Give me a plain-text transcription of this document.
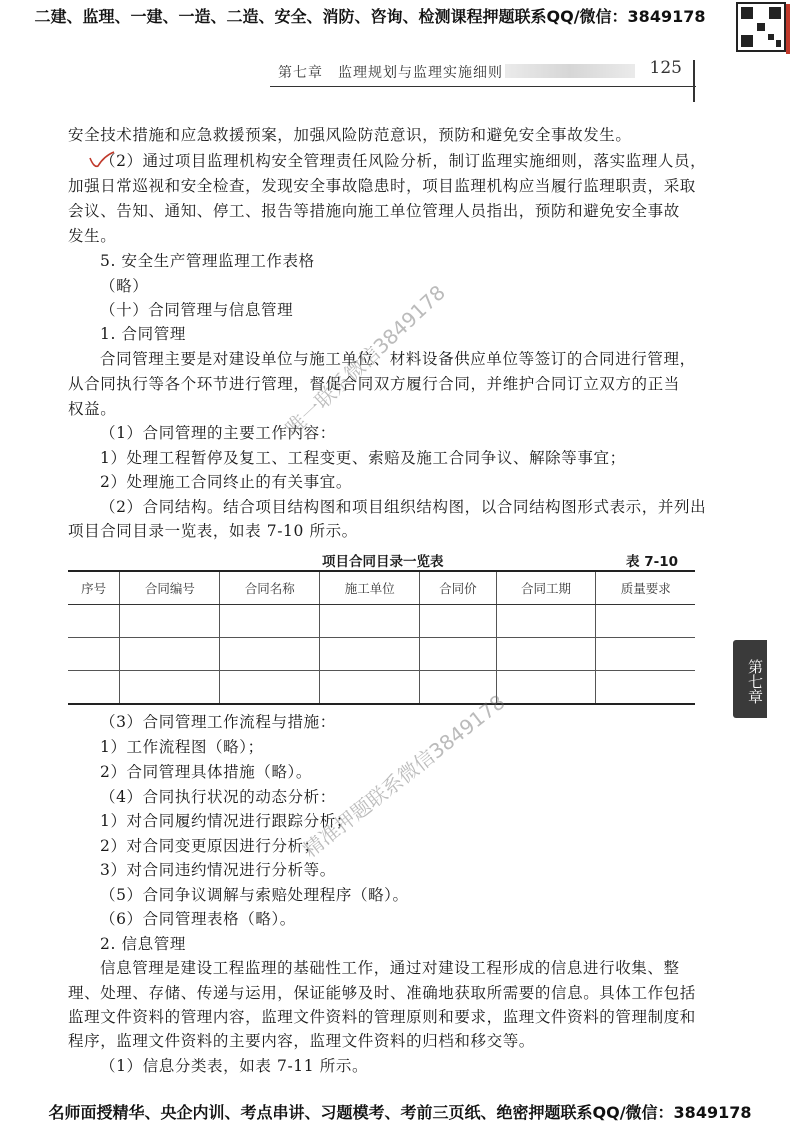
二建、监理、一建、一造、二造、安全、消防、咨询、检测课程押题联系QQ/微信：3849178
第七章　监理规划与监理实施细则	125
安全技术措施和应急救援预案，加强风险防范意识，预防和避免安全事故发生。
（2）通过项目监理机构安全管理责任风险分析，制订监理实施细则，落实监理人员，
加强日常巡视和安全检查，发现安全事故隐患时，项目监理机构应当履行监理职责，采取
会议、告知、通知、停工、报告等措施向施工单位管理人员指出，预防和避免安全事故
发生。
5. 安全生产管理监理工作表格
（略）
（十）合同管理与信息管理
1. 合同管理
合同管理主要是对建设单位与施工单位、材料设备供应单位等签订的合同进行管理，
从合同执行等各个环节进行管理，督促合同双方履行合同，并维护合同订立双方的正当
权益。
（1）合同管理的主要工作内容：
1）处理工程暂停及复工、工程变更、索赔及施工合同争议、解除等事宜；
2）处理施工合同终止的有关事宜。
（2）合同结构。结合项目结构图和项目组织结构图，以合同结构图形式表示，并列出
项目合同目录一览表，如表 7-10 所示。
项目合同目录一览表	表 7-10
序号	合同编号	合同名称	施工单位	合同价	合同工期	质量要求

第七章
（3）合同管理工作流程与措施：
1）工作流程图（略）；
2）合同管理具体措施（略）。
（4）合同执行状况的动态分析：
1）对合同履约情况进行跟踪分析；
2）对合同变更原因进行分析；
3）对合同违约情况进行分析等。
（5）合同争议调解与索赔处理程序（略）。
（6）合同管理表格（略）。
2. 信息管理
信息管理是建设工程监理的基础性工作，通过对建设工程形成的信息进行收集、整
理、处理、存储、传递与运用，保证能够及时、准确地获取所需要的信息。具体工作包括
监理文件资料的管理内容，监理文件资料的管理原则和要求，监理文件资料的管理制度和
程序，监理文件资料的主要内容，监理文件资料的归档和移交等。
（1）信息分类表，如表 7-11 所示。
唯一联系微信3849178
精准押题联系微信3849178
名师面授精华、央企内训、考点串讲、习题模考、考前三页纸、绝密押题联系QQ/微信：3849178
